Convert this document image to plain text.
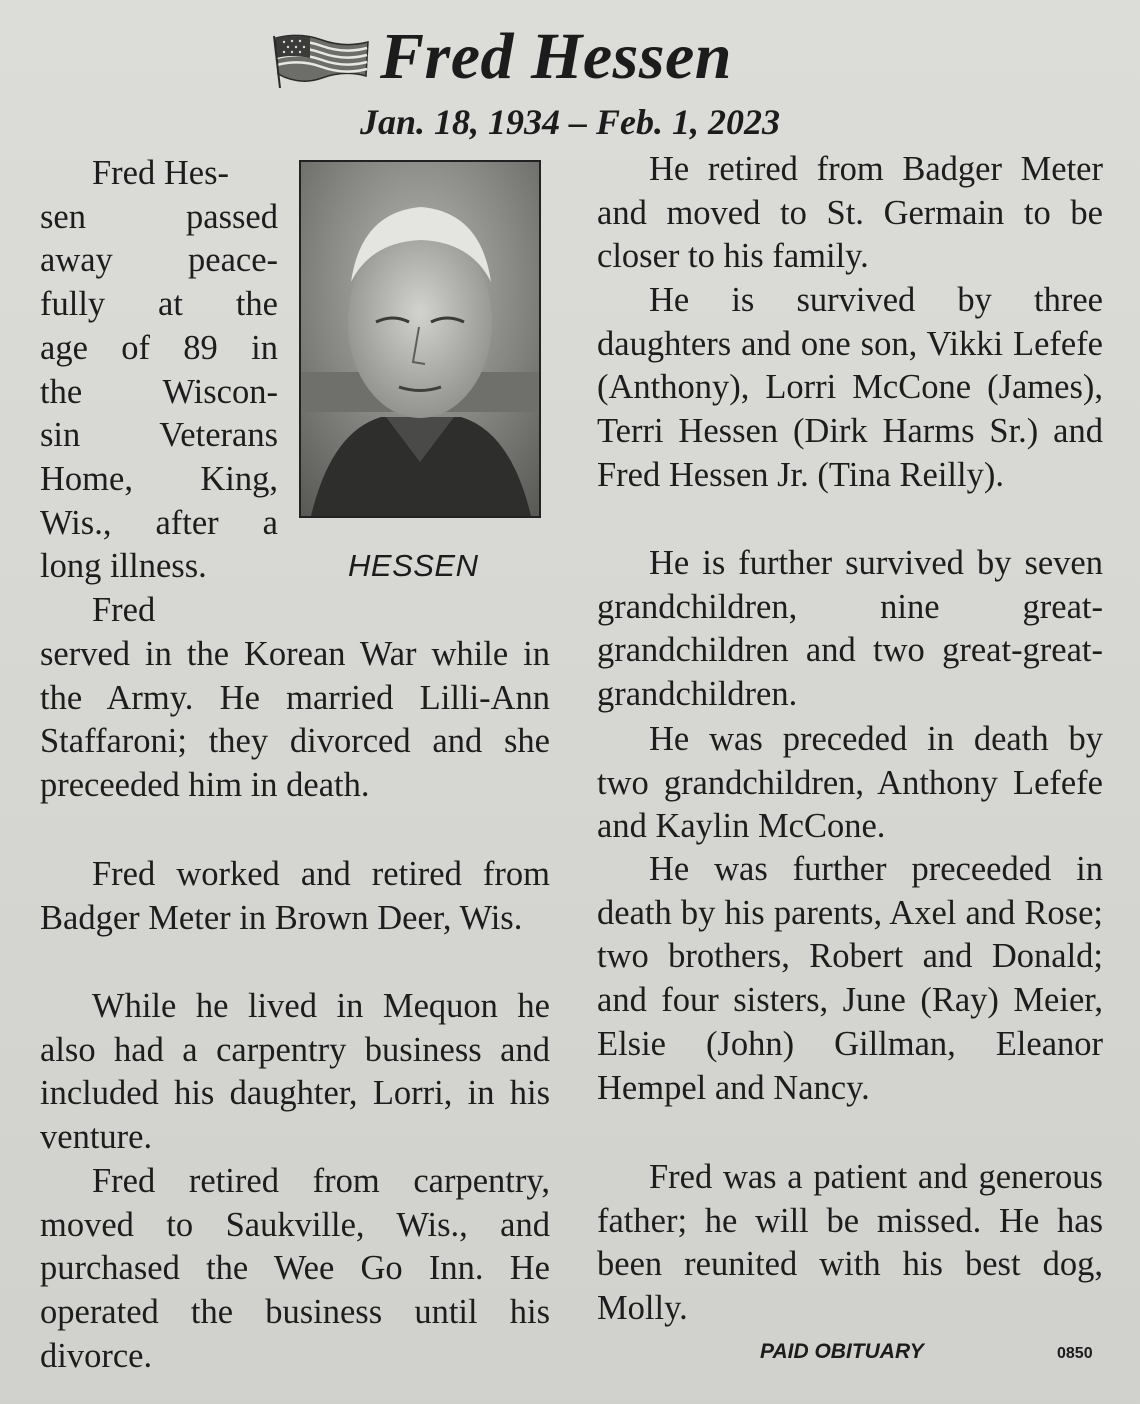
Fred Hessen
Jan. 18, 1934 – Feb. 1, 2023
Fred Hes-
sen passed
away peace-
fully at the
age of 89 in
the Wiscon-
sin Veterans
Home, King,
Wis., after a
long illness.
Fred
HESSEN

served in the Korean War while in the Army. He married Lilli-Ann Staffaroni; they divorced and she preceeded him in death.

Fred worked and retired from Badger Meter in Brown Deer, Wis.

While he lived in Mequon he also had a carpentry business and included his daughter, Lorri, in his venture.

Fred retired from carpentry, moved to Saukville, Wis., and purchased the Wee Go Inn. He operated the business until his divorce.

He retired from Badger Meter and moved to St. Germain to be closer to his family.

He is survived by three daughters and one son, Vikki Lefefe (Anthony), Lorri McCone (James), Terri Hessen (Dirk Harms Sr.) and Fred Hessen Jr. (Tina Reilly).

He is further survived by seven grandchildren, nine great-grandchildren and two great-great-grandchildren.

He was preceded in death by two grandchildren, Anthony Lefefe and Kaylin McCone.

He was further preceeded in death by his parents, Axel and Rose; two brothers, Robert and Donald; and four sisters, June (Ray) Meier, Elsie (John) Gillman, Eleanor Hempel and Nancy.

Fred was a patient and generous father; he will be missed. He has been reunited with his best dog, Molly.

PAID OBITUARY	0850
